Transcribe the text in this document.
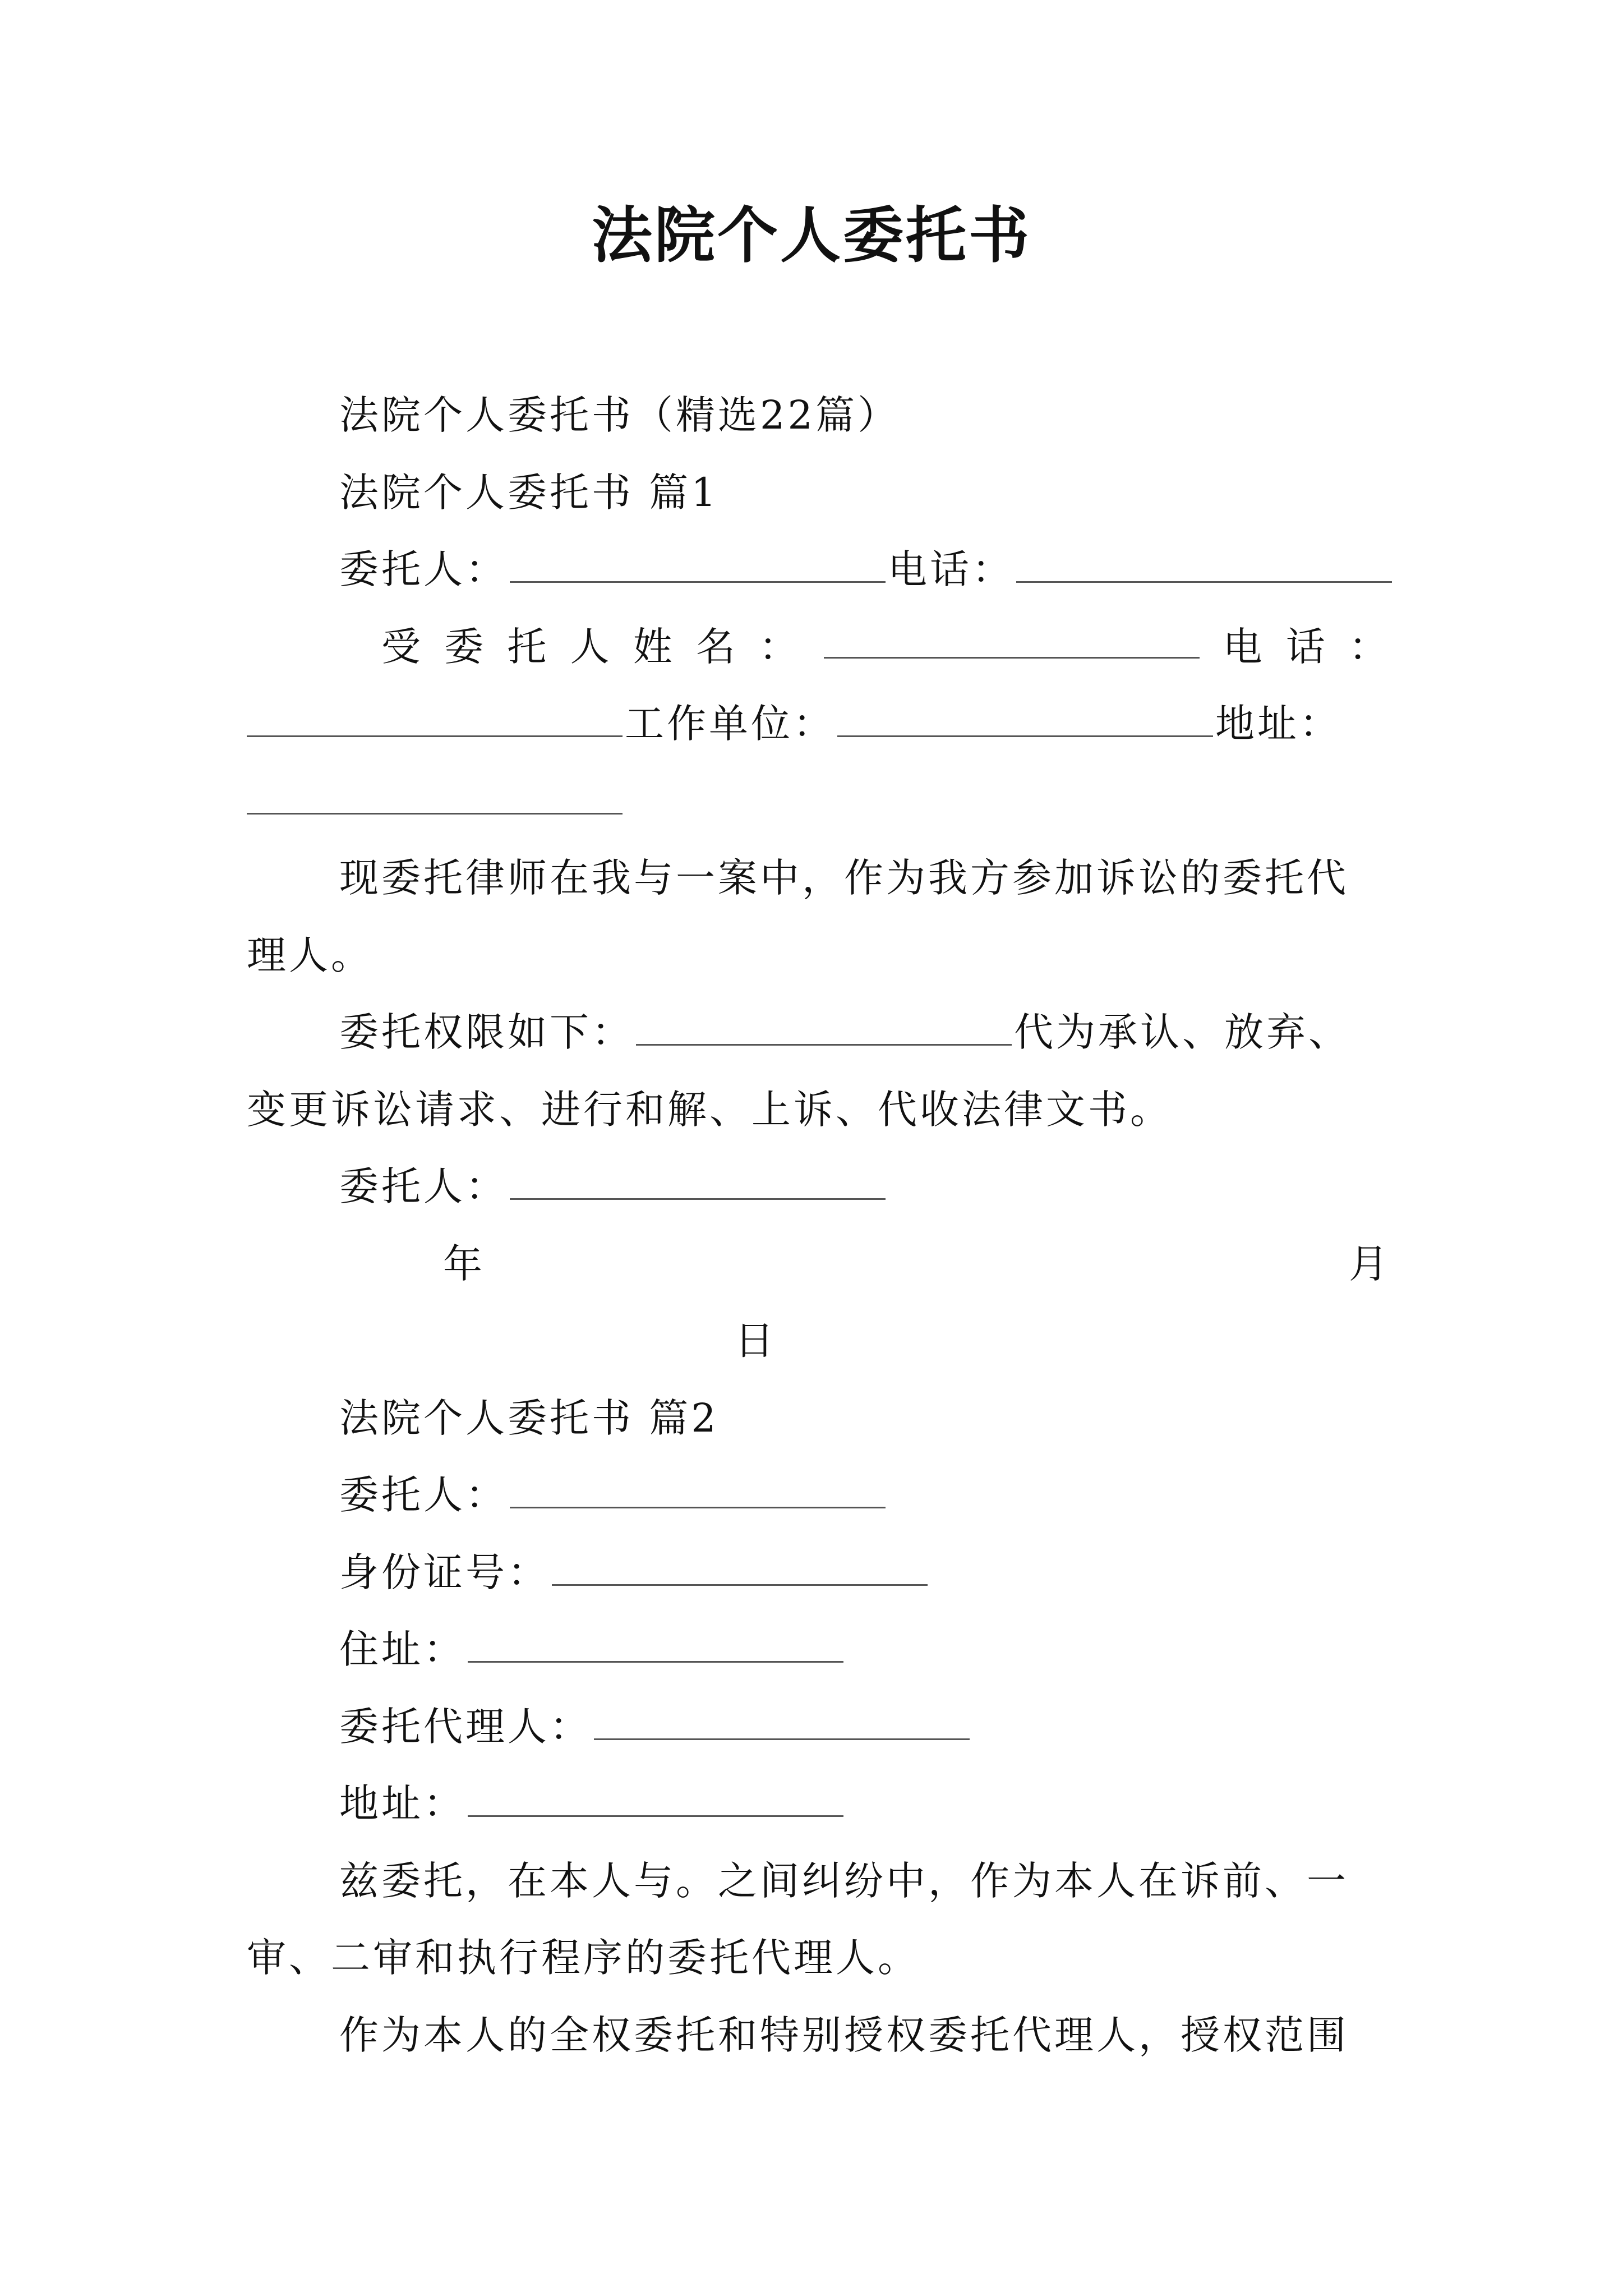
法院个人委托书
法院个人委托书（精选22篇）
法院个人委托书 篇1
委托人：	电话：
受 委 托 人 姓 名 ：	电 话 ：
工作单位：	地址：
现委托律师在我与一案中，作为我方参加诉讼的委托代
理人。
委托权限如下：	代为承认、放弃、
变更诉讼请求、进行和解、上诉、代收法律文书。
委托人：
年	月
日
法院个人委托书 篇2
委托人：
身份证号：
住址：
委托代理人：
地址：
兹委托，在本人与。之间纠纷中，作为本人在诉前、一
审、二审和执行程序的委托代理人。
作为本人的全权委托和特别授权委托代理人，授权范围
